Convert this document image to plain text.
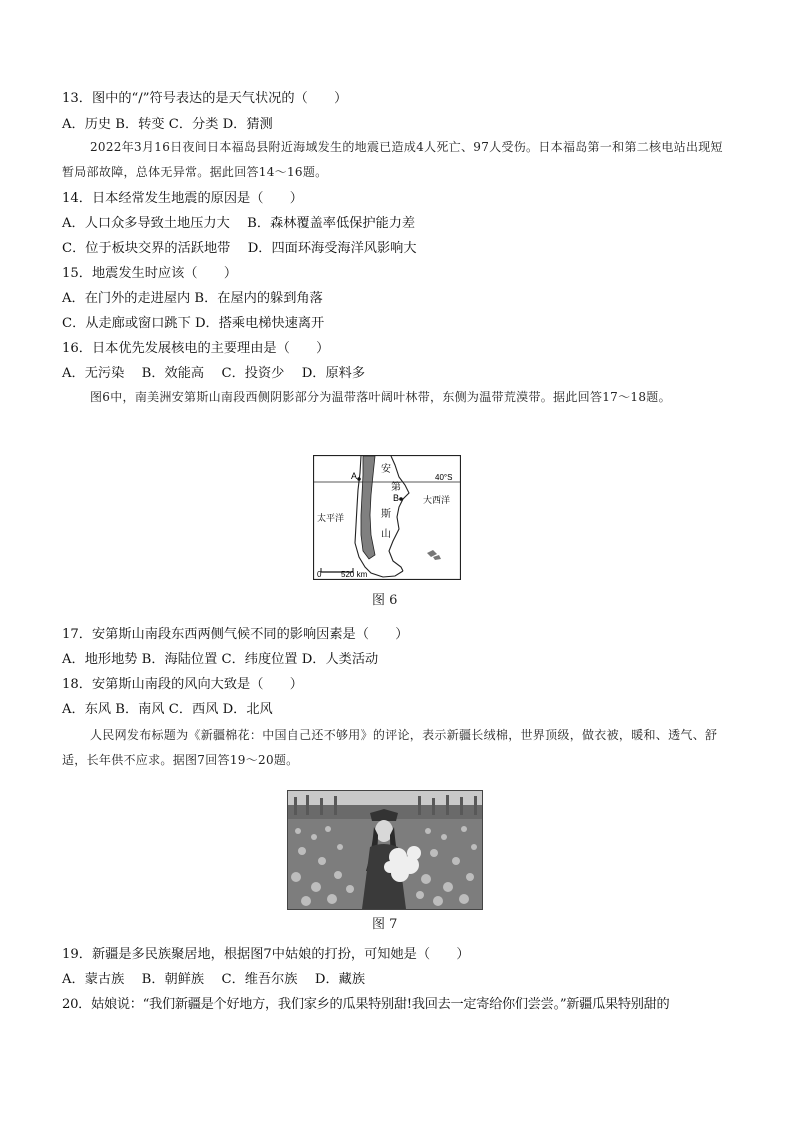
13．图中的“/”符号表达的是天气状况的（　　）
A．历史 B．转变 C．分类 D．猜测
2022年3月16日夜间日本福岛县附近海域发生的地震已造成4人死亡、97人受伤。日本福岛第一和第二核电站出现短暂局部故障，总体无异常。据此回答14～16题。
14．日本经常发生地震的原因是（　　）
A．人口众多导致土地压力大　 B．森林覆盖率低保护能力差
C．位于板块交界的活跃地带　 D．四面环海受海洋风影响大
15．地震发生时应该（　　）
A．在门外的走进屋内 B．在屋内的躲到角落
C．从走廊或窗口跳下 D．搭乘电梯快速离开
16．日本优先发展核电的主要理由是（　　）
A．无污染　 B．效能高　 C．投资少　 D．原料多
图6中，南美洲安第斯山南段西侧阴影部分为温带落叶阔叶林带，东侧为温带荒漠带。据此回答17～18题。
0 520 km
A
B
安
第
斯
山
40°S
太平洋
大西洋
图 6
17．安第斯山南段东西两侧气候不同的影响因素是（　　）
A．地形地势 B．海陆位置 C．纬度位置 D．人类活动
18．安第斯山南段的风向大致是（　　）
A．东风 B．南风 C．西风 D．北风
人民网发布标题为《新疆棉花：中国自己还不够用》的评论，表示新疆长绒棉，世界顶级，做衣被，暖和、透气、舒适，长年供不应求。据图7回答19～20题。
图 7
19．新疆是多民族聚居地，根据图7中姑娘的打扮，可知她是（　　）
A．蒙古族　 B．朝鲜族　 C．维吾尔族　 D．藏族
20．姑娘说：“我们新疆是个好地方，我们家乡的瓜果特别甜!我回去一定寄给你们尝尝。”新疆瓜果特别甜的
